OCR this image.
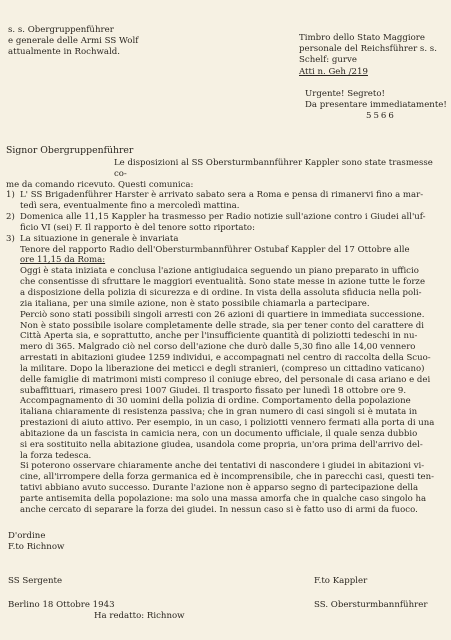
s. s. Obergruppenführer
e generale delle Armi SS Wolf
attualmente in Rochwald.
Timbro dello Stato Maggiore
personale del Reichsführer s. s.
Schelf: gurve
Atti n. Geh /219
Urgente! Segreto!
Da presentare immediatamente!
5566

Signor Obergruppenführer

Le disposizioni al SS Obersturmbannführer Kappler sono state trasmesse co-

me da comando ricevuto. Questi comunica:

1) L' SS Brigadenführer Harster è arrivato sabato sera a Roma e pensa di rimanervi fino a mar-

tedì sera, eventualmente fino a mercoledì mattina.

2) Domenica alle 11,15 Kappler ha trasmesso per Radio notizie sull'azione contro i Giudei all'uf-

ficio VI (sei) F. Il rapporto è del tenore sotto riportato:

3) La situazione in generale è invariata

Tenore del rapporto Radio dell'Obersturmbannführer Ostubaf Kappler del 17 Ottobre alle

ore 11,15 da Roma:

Oggi è stata iniziata e conclusa l'azione antigiudaica seguendo un piano preparato in ufficio

che consentisse di sfruttare le maggiori eventualità. Sono state messe in azione tutte le forze

a disposizione della polizia di sicurezza e di ordine. In vista della assoluta sfiducia nella poli-

zia italiana, per una simile azione, non è stato possibile chiamarla a partecipare.

Perciò sono stati possibili singoli arresti con 26 azioni di quartiere in immediata successione.

Non è stato possibile isolare completamente delle strade, sia per tener conto del carattere di

Città Aperta sia, e soprattutto, anche per l'insufficiente quantità di poliziotti tedeschi in nu-

mero di 365. Malgrado ciò nel corso dell'azione che durò dalle 5,30 fino alle 14,00 vennero

arrestati in abitazioni giudee 1259 individui, e accompagnati nel centro di raccolta della Scuo-

la militare. Dopo la liberazione dei meticci e degli stranieri, (compreso un cittadino vaticano)

delle famiglie di matrimoni misti compreso il coniuge ebreo, del personale di casa ariano e dei

subaffittuari, rimasero presi 1007 Giudei. Il trasporto fissato per lunedì 18 ottobre ore 9.

Accompagnamento di 30 uomini della polizia di ordine. Comportamento della popolazione

italiana chiaramente di resistenza passiva; che in gran numero di casi singoli si è mutata in

prestazioni di aiuto attivo. Per esempio, in un caso, i poliziotti vennero fermati alla porta di una

abitazione da un fascista in camicia nera, con un documento ufficiale, il quale senza dubbio

si era sostituito nella abitazione giudea, usandola come propria, un'ora prima dell'arrivo del-

la forza tedesca.

Si poterono osservare chiaramente anche dei tentativi di nascondere i giudei in abitazioni vi-

cine, all'irrompere della forza germanica ed è incomprensibile, che in parecchi casi, questi ten-

tativi abbiano avuto successo. Durante l'azione non è apparso segno di partecipazione della

parte antisemita della popolazione: ma solo una massa amorfa che in qualche caso singolo ha

anche cercato di separare la forza dei giudei. In nessun caso si è fatto uso di armi da fuoco.

D'ordine
F.to Richnow
SS Sergente	F.to Kappler
Berlino 18 Ottobre 1943	SS. Obersturmbannführer
Ha redatto: Richnow
